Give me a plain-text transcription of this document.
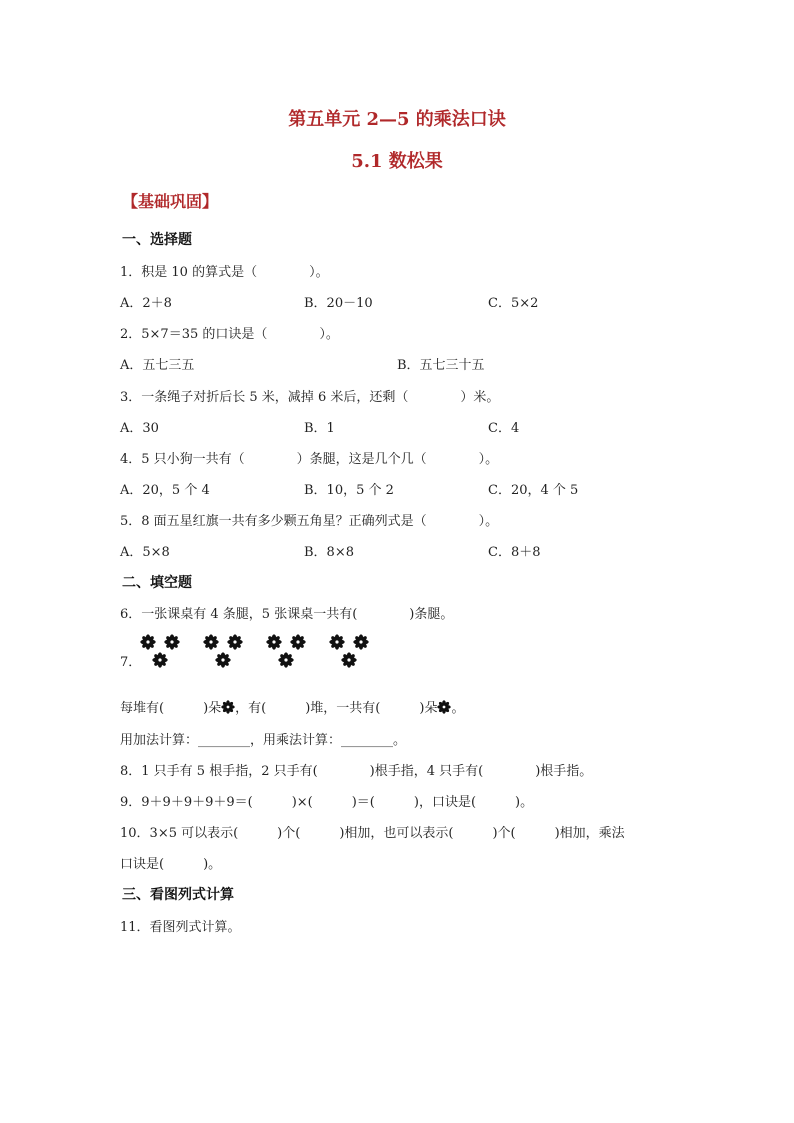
第五单元 2—5 的乘法口诀
5.1 数松果
【基础巩固】
一、选择题
1．积是 10 的算式是（　　　　）。
A．2＋8	B．20－10	C．5×2
2．5×7＝35 的口诀是（　　　　）。
A．五七三五	B．五七三十五
3．一条绳子对折后长 5 米，减掉 6 米后，还剩（　　　　）米。
A．30	B．1	C．4
4．5 只小狗一共有（　　　　）条腿，这是几个几（　　　　）。
A．20，5 个 4	B．10，5 个 2	C．20，4 个 5
5．8 面五星红旗一共有多少颗五角星？正确列式是（　　　　）。
A．5×8	B．8×8	C．8＋8
二、填空题
6．一张课桌有 4 条腿，5 张课桌一共有(　　　　)条腿。
7．
每堆有(　　　)朵 ，有(　　　)堆，一共有(　　　)朵 。
用加法计算：________，用乘法计算：________。
8．1 只手有 5 根手指，2 只手有(　　　　)根手指，4 只手有(　　　　)根手指。
9．9＋9＋9＋9＋9＝(　　　)×(　　　)＝(　　　)，口诀是(　　　)。
10．3×5 可以表示(　　　)个(　　　)相加，也可以表示(　　　)个(　　　)相加，乘法
口诀是(　　　)。
三、看图列式计算
11．看图列式计算。
